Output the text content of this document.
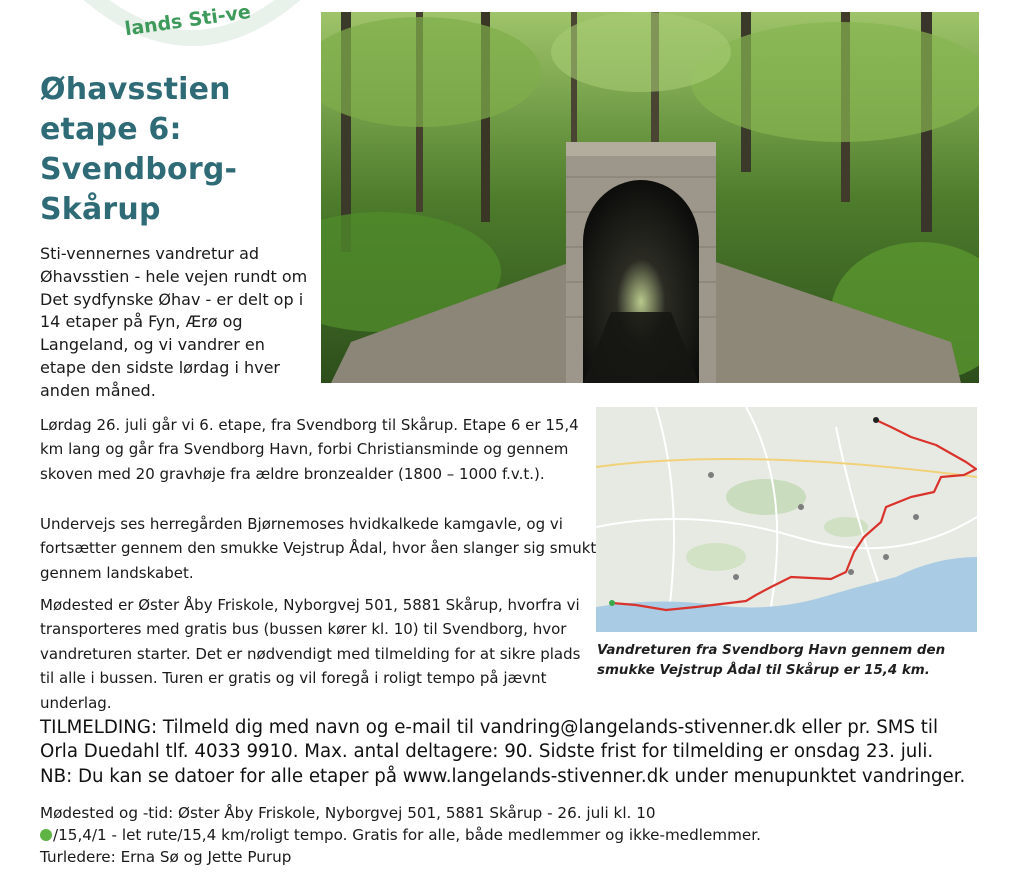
lands Sti-ve
Øhavsstien
etape 6:
Svendborg-
Skårup

Sti-vennernes vandretur ad Øhavsstien - hele vejen rundt om Det sydfynske Øhav - er delt op i 14 etaper på Fyn, Ærø og Langeland, og vi vandrer en etape den sidste lørdag i hver anden måned.

Vandreturen fra Svendborg Havn gennem den smukke Vejstrup Ådal til Skårup er 15,4 km.

Lørdag 26. juli går vi 6. etape, fra Svendborg til Skårup. Etape 6 er 15,4 km lang og går fra Svendborg Havn, forbi Christiansminde og gennem skoven med 20 gravhøje fra ældre bronzealder (1800 – 1000 f.v.t.).

Undervejs ses herregården Bjørnemoses hvidkalkede kamgavle, og vi fortsætter gennem den smukke Vejstrup Ådal, hvor åen slanger sig smukt gennem landskabet.

Mødested er Øster Åby Friskole, Nyborgvej 501, 5881 Skårup, hvorfra vi transporteres med gratis bus (bussen kører kl. 10) til Svendborg, hvor vandreturen starter. Det er nødvendigt med tilmelding for at sikre plads til alle i bussen. Turen er gratis og vil foregå i roligt tempo på jævnt underlag.

TILMELDING: Tilmeld dig med navn og e-mail til vandring@langelands-stivenner.dk eller pr. SMS til
Orla Duedahl tlf. 4033 9910. Max. antal deltagere: 90. Sidste frist for tilmelding er onsdag 23. juli.
NB: Du kan se datoer for alle etaper på www.langelands-stivenner.dk under menupunktet vandringer.
Mødested og -tid: Øster Åby Friskole, Nyborgvej 501, 5881 Skårup - 26. juli kl. 10
/15,4/1 - let rute/15,4 km/roligt tempo. Gratis for alle, både medlemmer og ikke-medlemmer.
Turledere: Erna Sø og Jette Purup
